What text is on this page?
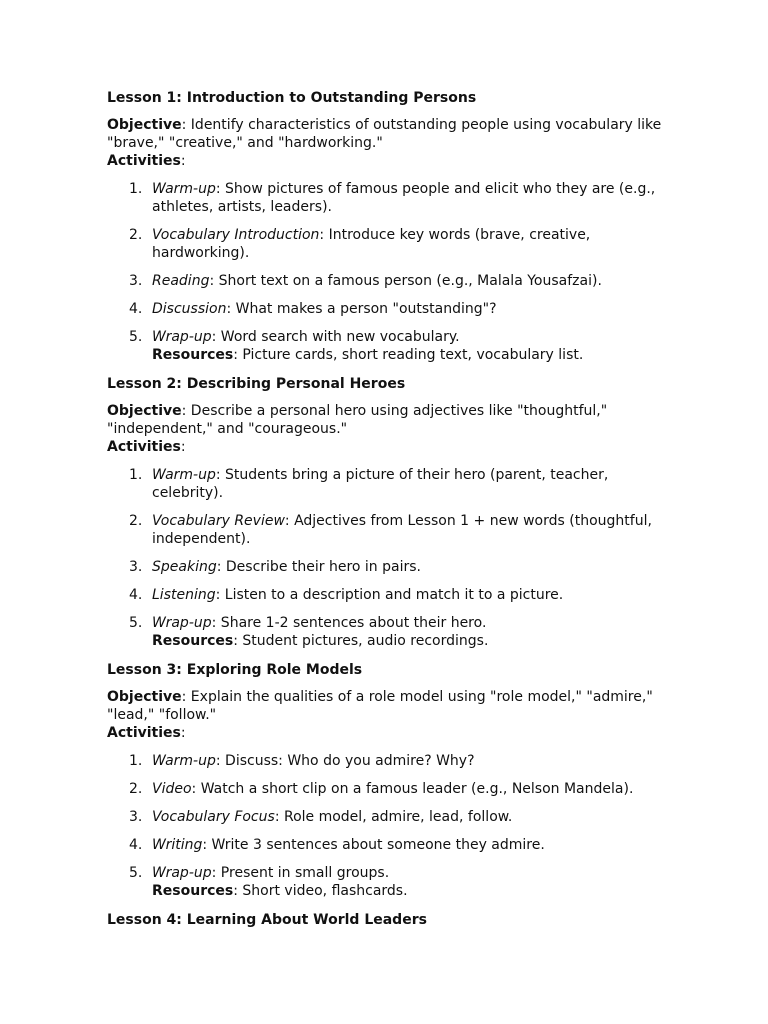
Lesson 1: Introduction to Outstanding Persons

Objective: Identify characteristics of outstanding people using vocabulary like "brave," "creative," and "hardworking."

Activities:

1. Warm-up: Show pictures of famous people and elicit who they are (e.g., athletes, artists, leaders).
2. Vocabulary Introduction: Introduce key words (brave, creative, hardworking).
3. Reading: Short text on a famous person (e.g., Malala Yousafzai).
4. Discussion: What makes a person "outstanding"?
5. Wrap-up: Word search with new vocabulary.
Resources: Picture cards, short reading text, vocabulary list.
Lesson 2: Describing Personal Heroes

Objective: Describe a personal hero using adjectives like "thoughtful," "independent," and "courageous."

Activities:

1. Warm-up: Students bring a picture of their hero (parent, teacher, celebrity).
2. Vocabulary Review: Adjectives from Lesson 1 + new words (thoughtful, independent).
3. Speaking: Describe their hero in pairs.
4. Listening: Listen to a description and match it to a picture.
5. Wrap-up: Share 1-2 sentences about their hero.
Resources: Student pictures, audio recordings.
Lesson 3: Exploring Role Models

Objective: Explain the qualities of a role model using "role model," "admire," "lead," "follow."

Activities:

1. Warm-up: Discuss: Who do you admire? Why?
2. Video: Watch a short clip on a famous leader (e.g., Nelson Mandela).
3. Vocabulary Focus: Role model, admire, lead, follow.
4. Writing: Write 3 sentences about someone they admire.
5. Wrap-up: Present in small groups.
Resources: Short video, flashcards.
Lesson 4: Learning About World Leaders
